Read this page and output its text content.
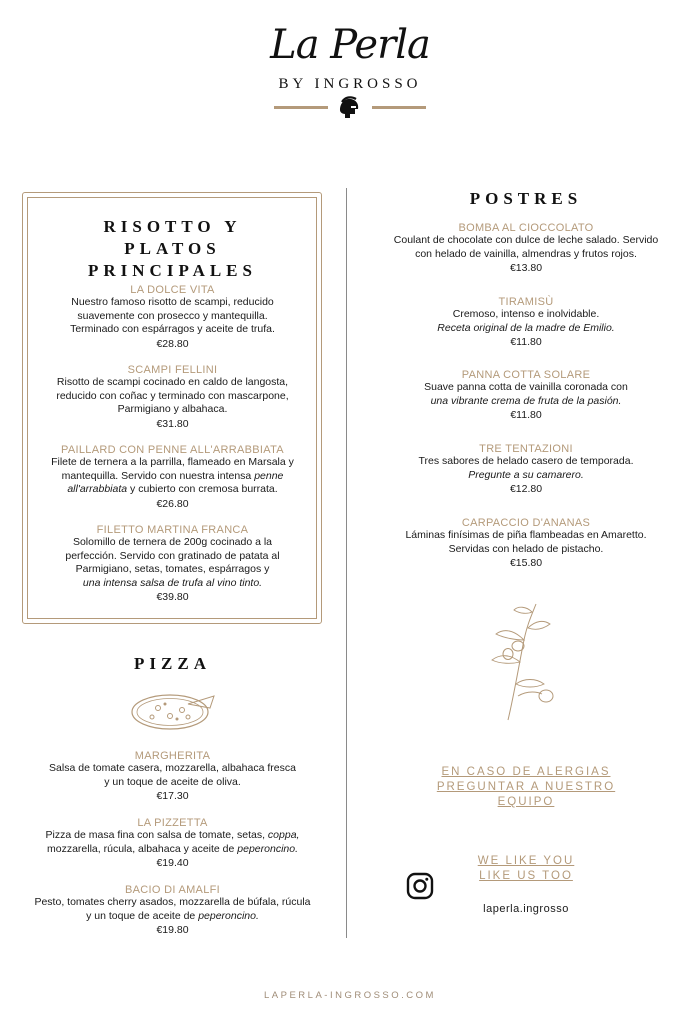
La Perla
BY INGROSSO
RISOTTO Y
PLATOS
PRINCIPALES
LA DOLCE VITA
Nuestro famoso risotto de scampi, reducido
suavemente con prosecco y mantequilla.
Terminado con espárragos y aceite de trufa.
€28.80
SCAMPI FELLINI
Risotto de scampi cocinado en caldo de langosta,
reducido con coñac y terminado con mascarpone,
Parmigiano y albahaca.
€31.80
PAILLARD CON PENNE ALL'ARRABBIATA
Filete de ternera a la parrilla, flameado en Marsala y
mantequilla. Servido con nuestra intensa penne
all'arrabbiata y cubierto con cremosa burrata.
€26.80
FILETTO MARTINA FRANCA
Solomillo de ternera de 200g cocinado a la
perfección. Servido con gratinado de patata al
Parmigiano, setas, tomates, espárragos y
una intensa salsa de trufa al vino tinto.
€39.80
PIZZA
MARGHERITA
Salsa de tomate casera, mozzarella, albahaca fresca
y un toque de aceite de oliva.
€17.30
LA PIZZETTA
Pizza de masa fina con salsa de tomate, setas, coppa,
mozzarella, rúcula, albahaca y aceite de peperoncino.
€19.40
BACIO DI AMALFI
Pesto, tomates cherry asados, mozzarella de búfala, rúcula
y un toque de aceite de peperoncino.
€19.80
POSTRES
BOMBA AL CIOCCOLATO
Coulant de chocolate con dulce de leche salado. Servido
con helado de vainilla, almendras y frutos rojos.
€13.80
TIRAMISÙ
Cremoso, intenso e inolvidable.
Receta original de la madre de Emilio.
€11.80
PANNA COTTA SOLARE
Suave panna cotta de vainilla coronada con
una vibrante crema de fruta de la pasión.
€11.80
TRE TENTAZIONI
Tres sabores de helado casero de temporada.
Pregunte a su camarero.
€12.80
CARPACCIO D'ANANAS
Láminas finísimas de piña flambeadas en Amaretto.
Servidas con helado de pistacho.
€15.80
EN CASO DE ALERGIAS
PREGUNTAR A NUESTRO
EQUIPO
WE LIKE YOU
LIKE US TOO
laperla.ingrosso
LAPERLA-INGROSSO.COM
